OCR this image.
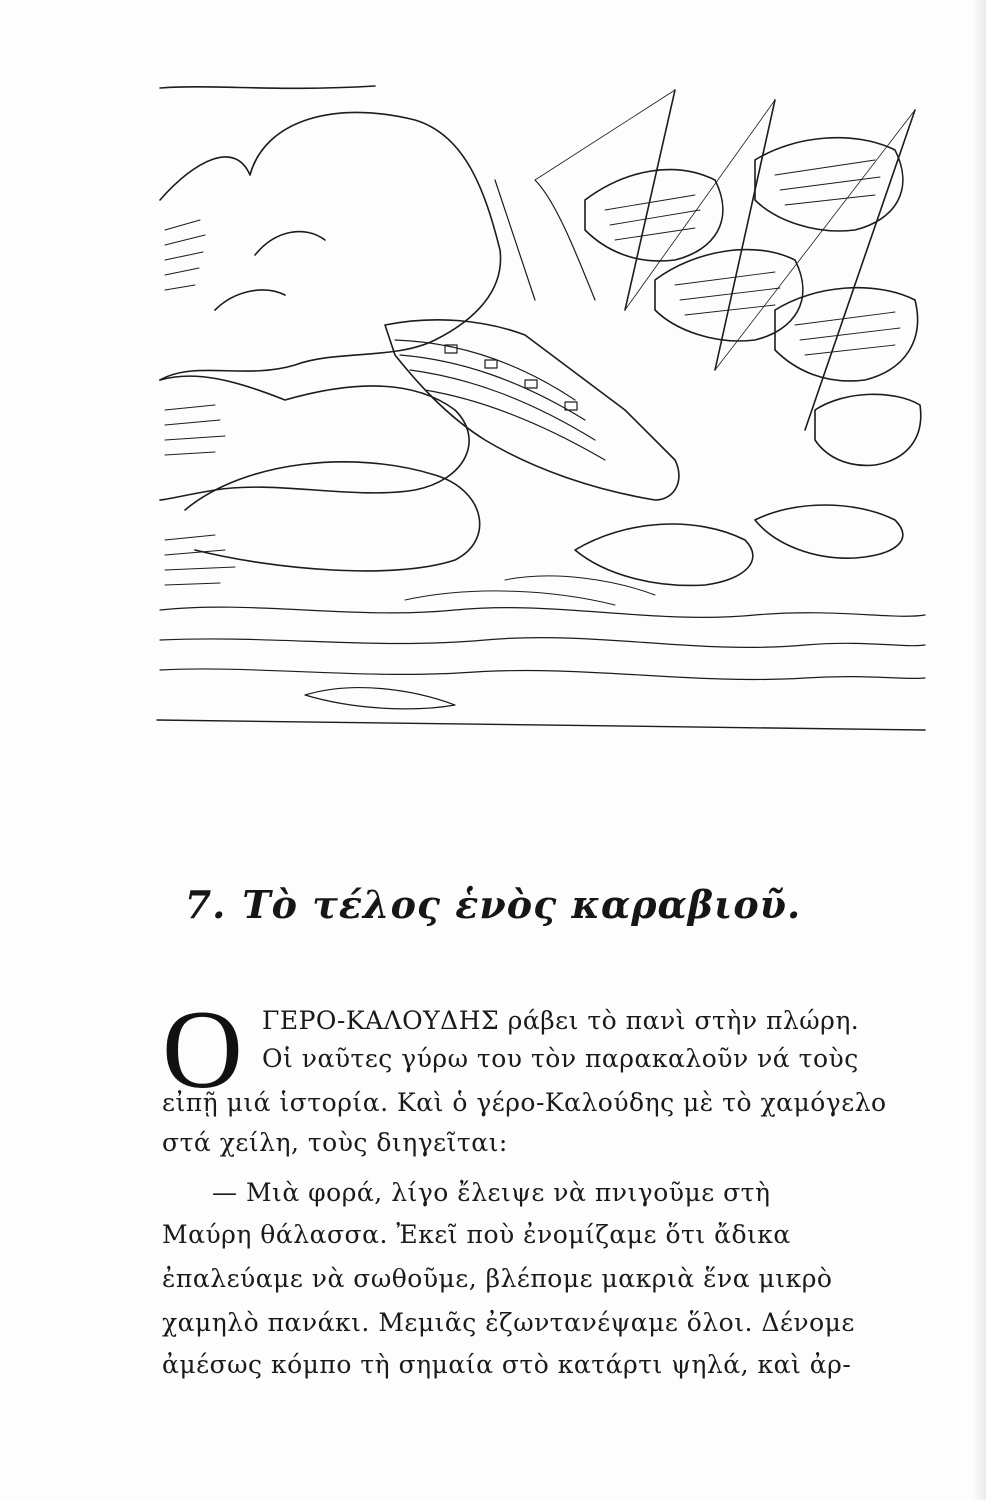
7. Τὸ τέλος ἑνὸς καραβιοῦ.
Ο ΓΕΡΟ-ΚΑΛΟΥΔΗΣ ράβει τὸ πανὶ στὴν πλώρη.
Οἱ ναῦτες γύρω του τὸν παρακαλοῦν νά τοὺς
εἰπῇ μιά ἱστορία. Καὶ ὁ γέρο-Καλούδης μὲ τὸ χαμόγελο
στά χείλη, τοὺς διηγεῖται:
— Μιὰ φορά, λίγο ἔλειψε νὰ πνιγοῦμε στὴ
Μαύρη θάλασσα. Ἐκεῖ ποὺ ἐνομίζαμε ὅτι ἄδικα
ἐπαλεύαμε νὰ σωθοῦμε, βλέπομε μακριὰ ἕνα μικρὸ
χαμηλὸ πανάκι. Μεμιᾶς ἐζωντανέψαμε ὅλοι. Δένομε
ἀμέσως κόμπο τὴ σημαία στὸ κατάρτι ψηλά, καὶ ἀρ-
